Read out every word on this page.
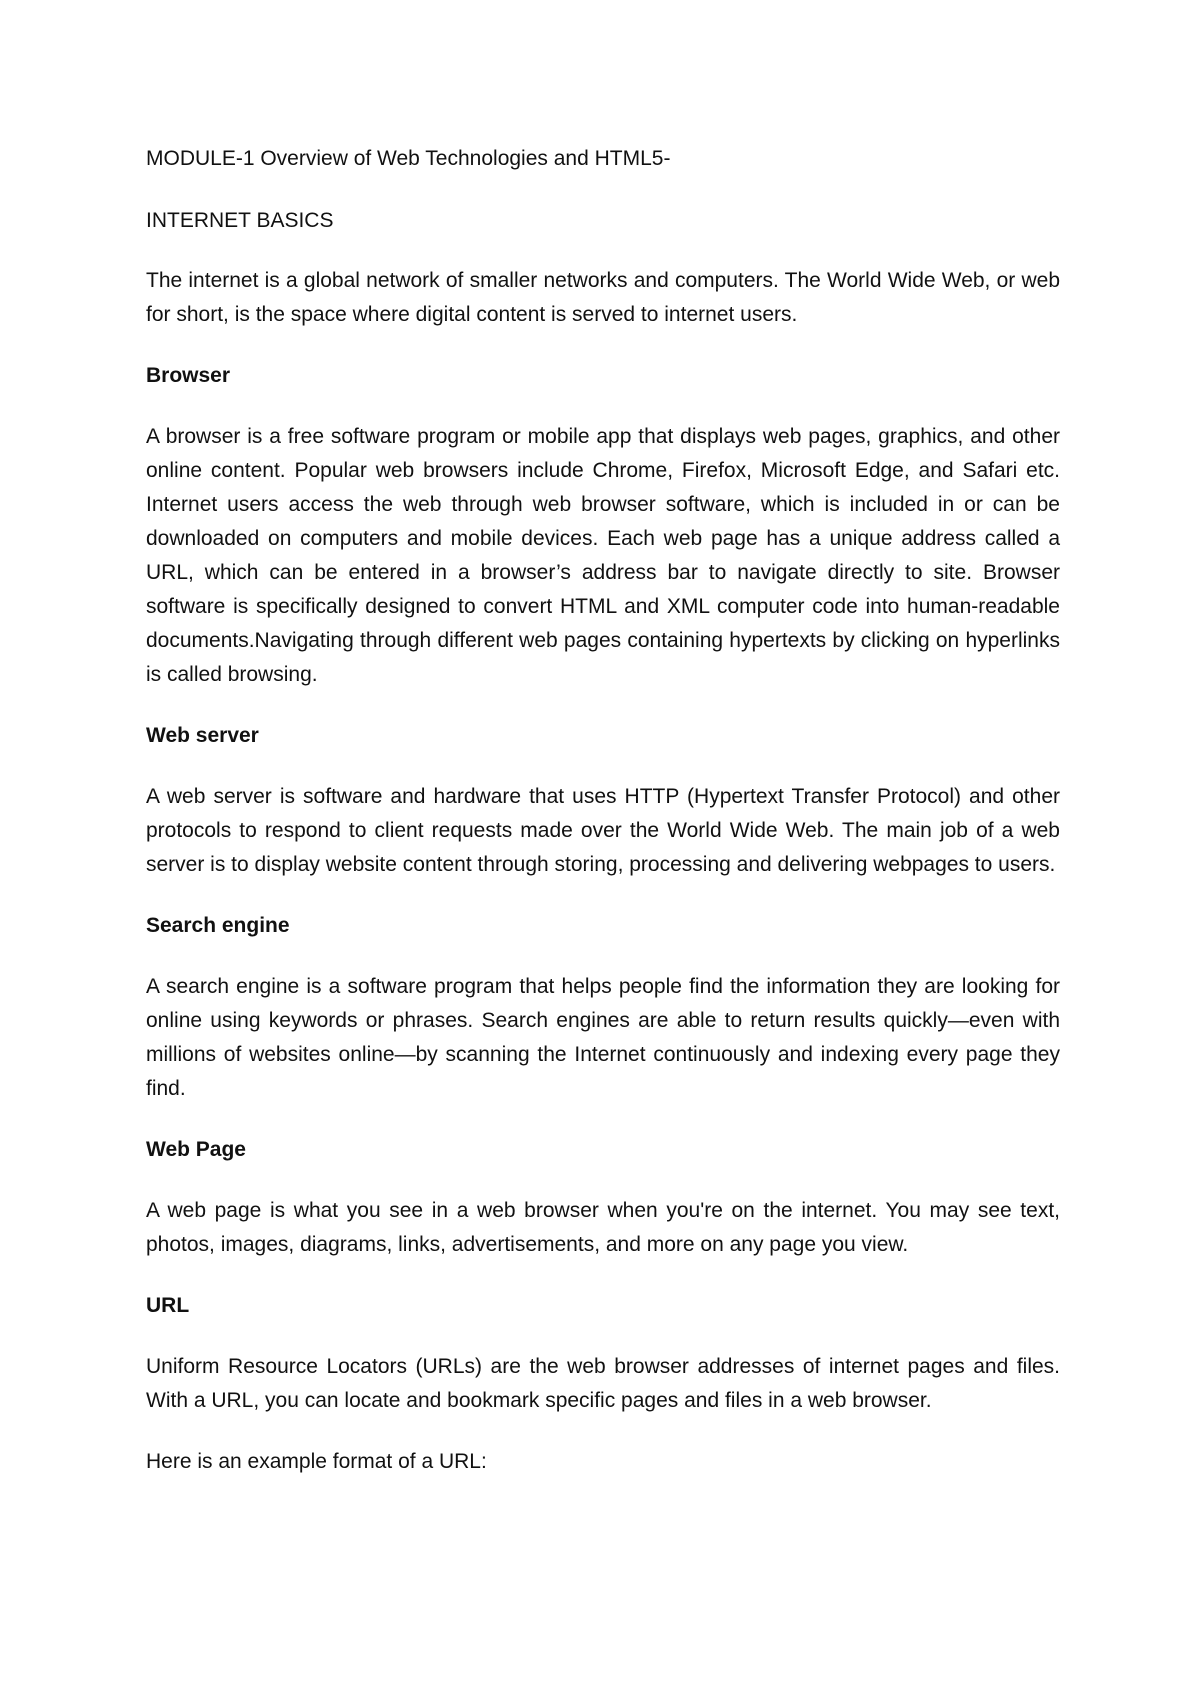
MODULE-1 Overview of Web Technologies and HTML5-

INTERNET BASICS

The internet is a global network of smaller networks and computers. The World Wide Web, or web for short, is the space where digital content is served to internet users.

Browser

A browser is a free software program or mobile app that displays web pages, graphics, and other online content. Popular web browsers include Chrome, Firefox, Microsoft Edge, and Safari etc. Internet users access the web through web browser software, which is included in or can be downloaded on computers and mobile devices. Each web page has a unique address called a URL, which can be entered in a browser’s address bar to navigate directly to site. Browser software is specifically designed to convert HTML and XML computer code into human-readable documents.Navigating through different web pages containing hypertexts by clicking on hyperlinks is called browsing.

Web server

A web server is software and hardware that uses HTTP (Hypertext Transfer Protocol) and other protocols to respond to client requests made over the World Wide Web. The main job of a web server is to display website content through storing, processing and delivering webpages to users.

Search engine

A search engine is a software program that helps people find the information they are looking for online using keywords or phrases. Search engines are able to return results quickly—even with millions of websites online—by scanning the Internet continuously and indexing every page they find.

Web Page

A web page is what you see in a web browser when you're on the internet. You may see text, photos, images, diagrams, links, advertisements, and more on any page you view.

URL

Uniform Resource Locators (URLs) are the web browser addresses of internet pages and files. With a URL, you can locate and bookmark specific pages and files in a web browser.

Here is an example format of a URL:
